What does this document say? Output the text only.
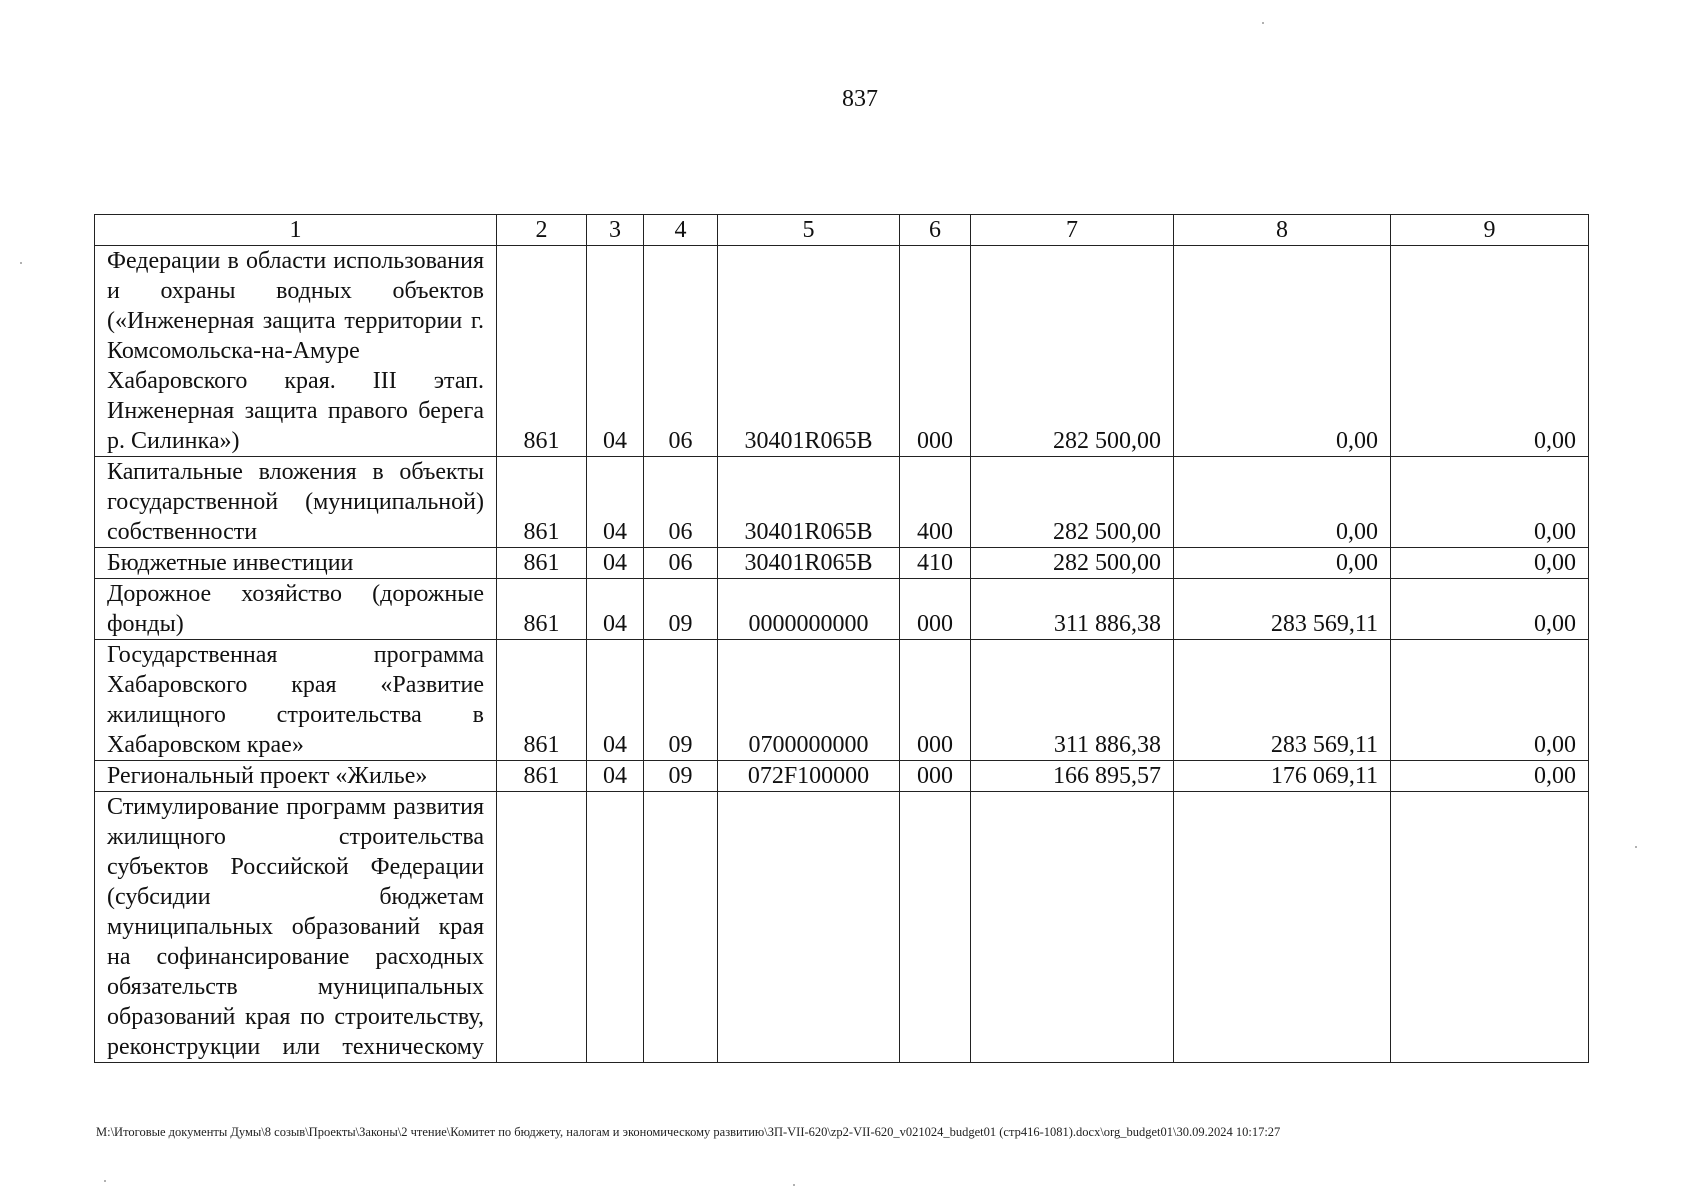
837
1	2	3	4	5	6	7	8	9
Федерации в области использования и охраны водных объектов («Инженерная защита территории г. Комсомольска-на-Амуре Хабаровского края. III этап. Инженерная защита правого берега р. Силинка»)	861	04	06	30401R065B	000	282 500,00	0,00	0,00
Капитальные вложения в объекты государственной (муниципальной) собственности	861	04	06	30401R065B	400	282 500,00	0,00	0,00
Бюджетные инвестиции	861	04	06	30401R065B	410	282 500,00	0,00	0,00
Дорожное хозяйство (дорожные фонды)	861	04	09	0000000000	000	311 886,38	283 569,11	0,00
Государственная программа Хабаровского края «Развитие жилищного строительства в Хабаровском крае»	861	04	09	0700000000	000	311 886,38	283 569,11	0,00
Региональный проект «Жилье»	861	04	09	072F100000	000	166 895,57	176 069,11	0,00
Стимулирование программ развития жилищного строительства субъектов Российской Федерации (субсидии бюджетам муниципальных образований края на софинансирование расходных обязательств муниципальных образований края по строительству, реконструкции или техническому								
M:\Итоговые документы Думы\8 созыв\Проекты\Законы\2 чтение\Комитет по бюджету, налогам и экономическому развитию\ЗП-VII-620\zp2-VII-620_v021024_budget01 (стр416-1081).docx\org_budget01\30.09.2024 10:17:27
